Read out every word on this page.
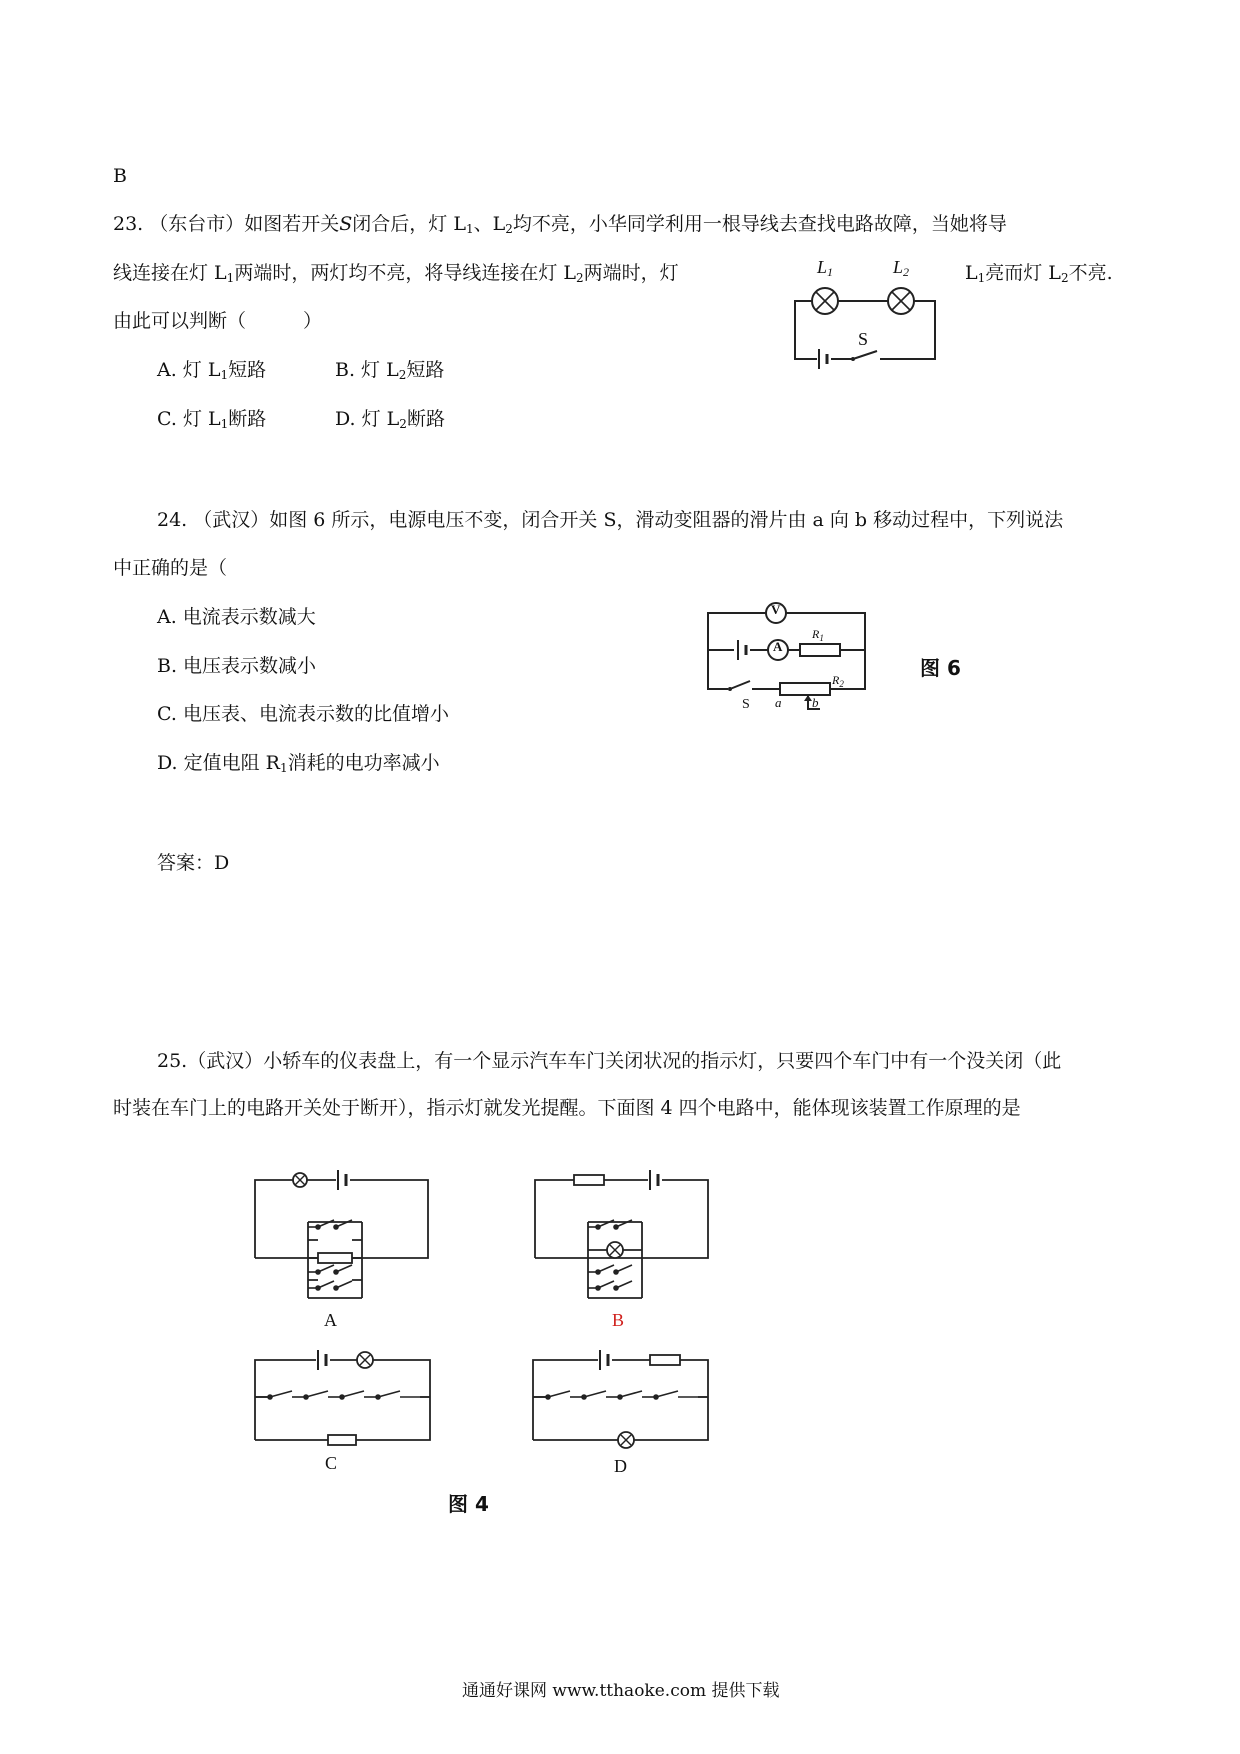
B
23. （东台市）如图若开关S闭合后，灯 $L_1$、$L_2$均不亮，小华同学利用一根导线去查找电路故障，当她将导
线连接在灯 $L_1$两端时，两灯均不亮，将导线连接在灯 $L_2$两端时，灯	$L_1$亮而灯 $L_2$不亮.
由此可以判断（　　　）
A. 灯 $L_1$短路	B. 灯 $L_2$短路
C. 灯 $L_1$断路	D. 灯 $L_2$断路
$L_1$	$L_2$
S
24. （武汉）如图 6 所示，电源电压不变，闭合开关 S，滑动变阻器的滑片由 a 向 b 移动过程中，下列说法
中正确的是（
A. 电流表示数减大
B. 电压表示数减小
C. 电压表、电流表示数的比值增小
D. 定值电阻 $R_1$消耗的电功率减小
V
A
$R_1$
$R_2$
S a b
图 6
答案：D
25.（武汉）小轿车的仪表盘上，有一个显示汽车车门关闭状况的指示灯，只要四个车门中有一个没关闭（此
时装在车门上的电路开关处于断开），指示灯就发光提醒。下面图 4 四个电路中，能体现该装置工作原理的是
A	B
C	D
图 4
通通好课网 www.tthaoke.com 提供下载
